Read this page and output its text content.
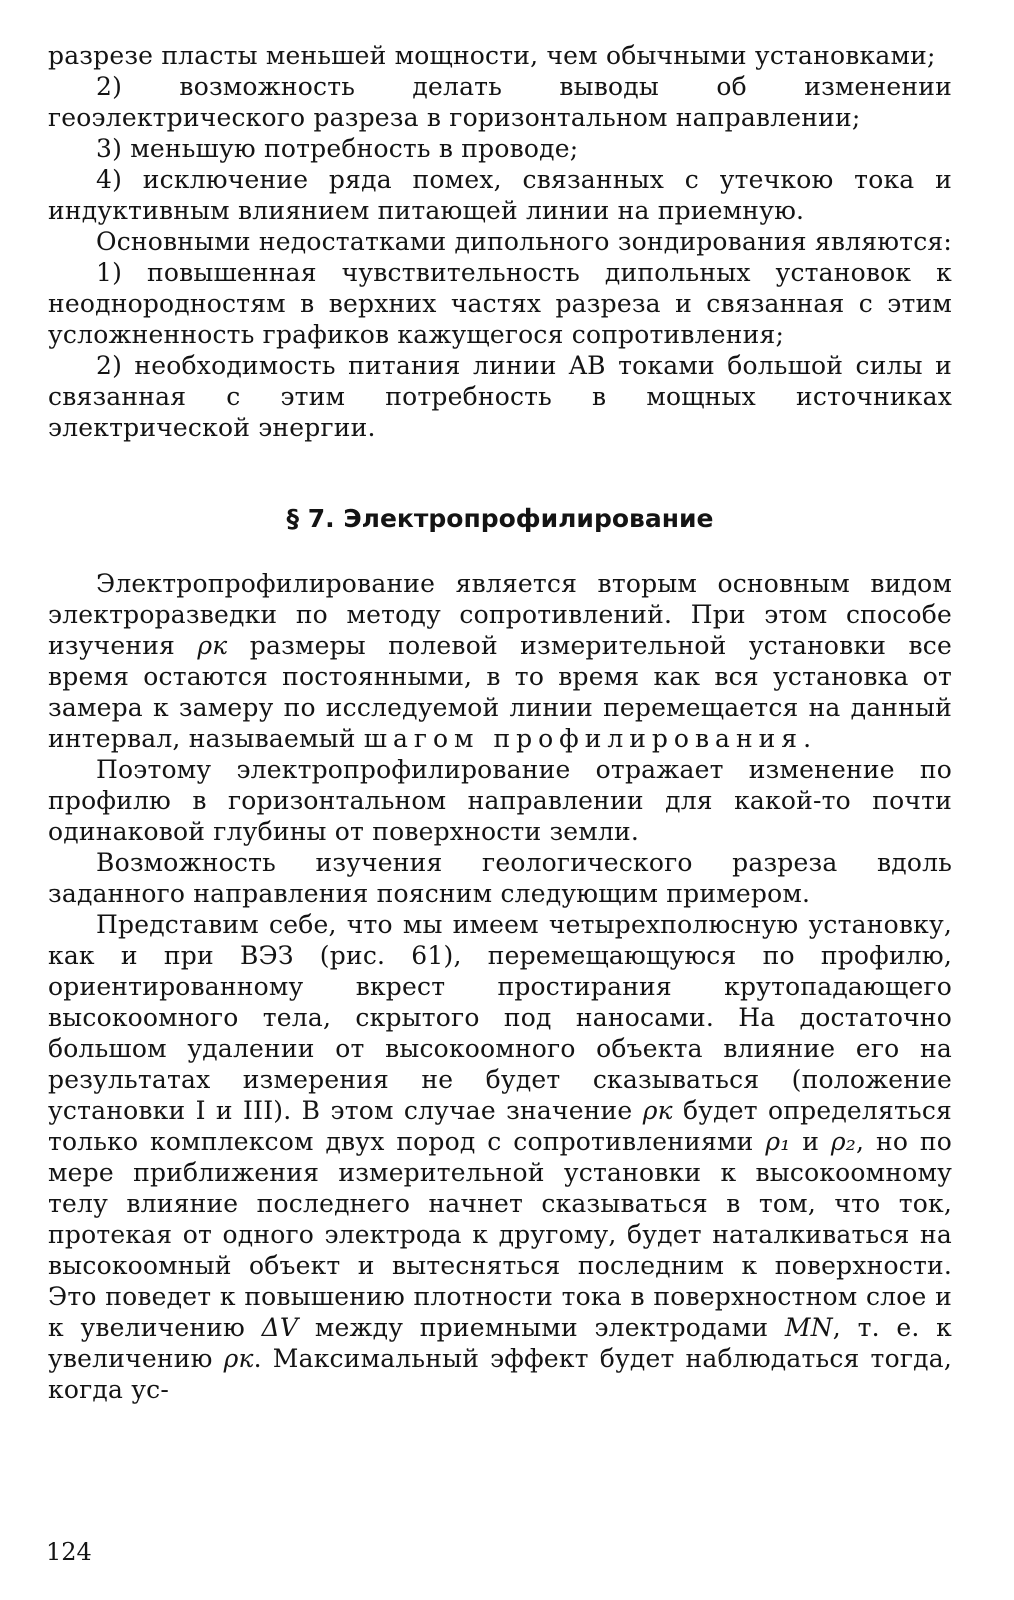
разрезе пласты меньшей мощности, чем обычными установками;

2) возможность делать выводы об изменении геоэлектрического разреза в горизонтальном направлении;

3) меньшую потребность в проводе;

4) исключение ряда помех, связанных с утечкою тока и индуктивным влиянием питающей линии на приемную.

Основными недостатками дипольного зондирования являются:

1) повышенная чувствительность дипольных установок к неоднородностям в верхних частях разреза и связанная с этим усложненность графиков кажущегося сопротивления;

2) необходимость питания линии AB токами большой силы и связанная с этим потребность в мощных источниках электрической энергии.

§ 7. Электропрофилирование

Электропрофилирование является вторым основным видом электроразведки по методу сопротивлений. При этом способе изучения ρк размеры полевой измерительной установки все время остаются постоянными, в то время как вся установка от замера к замеру по исследуемой линии перемещается на данный интервал, называемый шагом профилирования.

Поэтому электропрофилирование отражает изменение по профилю в горизонтальном направлении для какой-то почти одинаковой глубины от поверхности земли.

Возможность изучения геологического разреза вдоль заданного направления поясним следующим примером.

Представим себе, что мы имеем четырехполюсную установку, как и при ВЭЗ (рис. 61), перемещающуюся по профилю, ориентированному вкрест простирания крутопадающего высокоомного тела, скрытого под наносами. На достаточно большом удалении от высокоомного объекта влияние его на результатах измерения не будет сказываться (положение установки I и III). В этом случае значение ρк будет определяться только комплексом двух пород с сопротивлениями ρ₁ и ρ₂, но по мере приближения измерительной установки к высокоомному телу влияние последнего начнет сказываться в том, что ток, протекая от одного электрода к другому, будет наталкиваться на высокоомный объект и вытесняться последним к поверхности. Это поведет к повышению плотности тока в поверхностном слое и к увеличению ΔV между приемными электродами MN, т. е. к увеличению ρк. Максимальный эффект будет наблюдаться тогда, когда ус-

124
